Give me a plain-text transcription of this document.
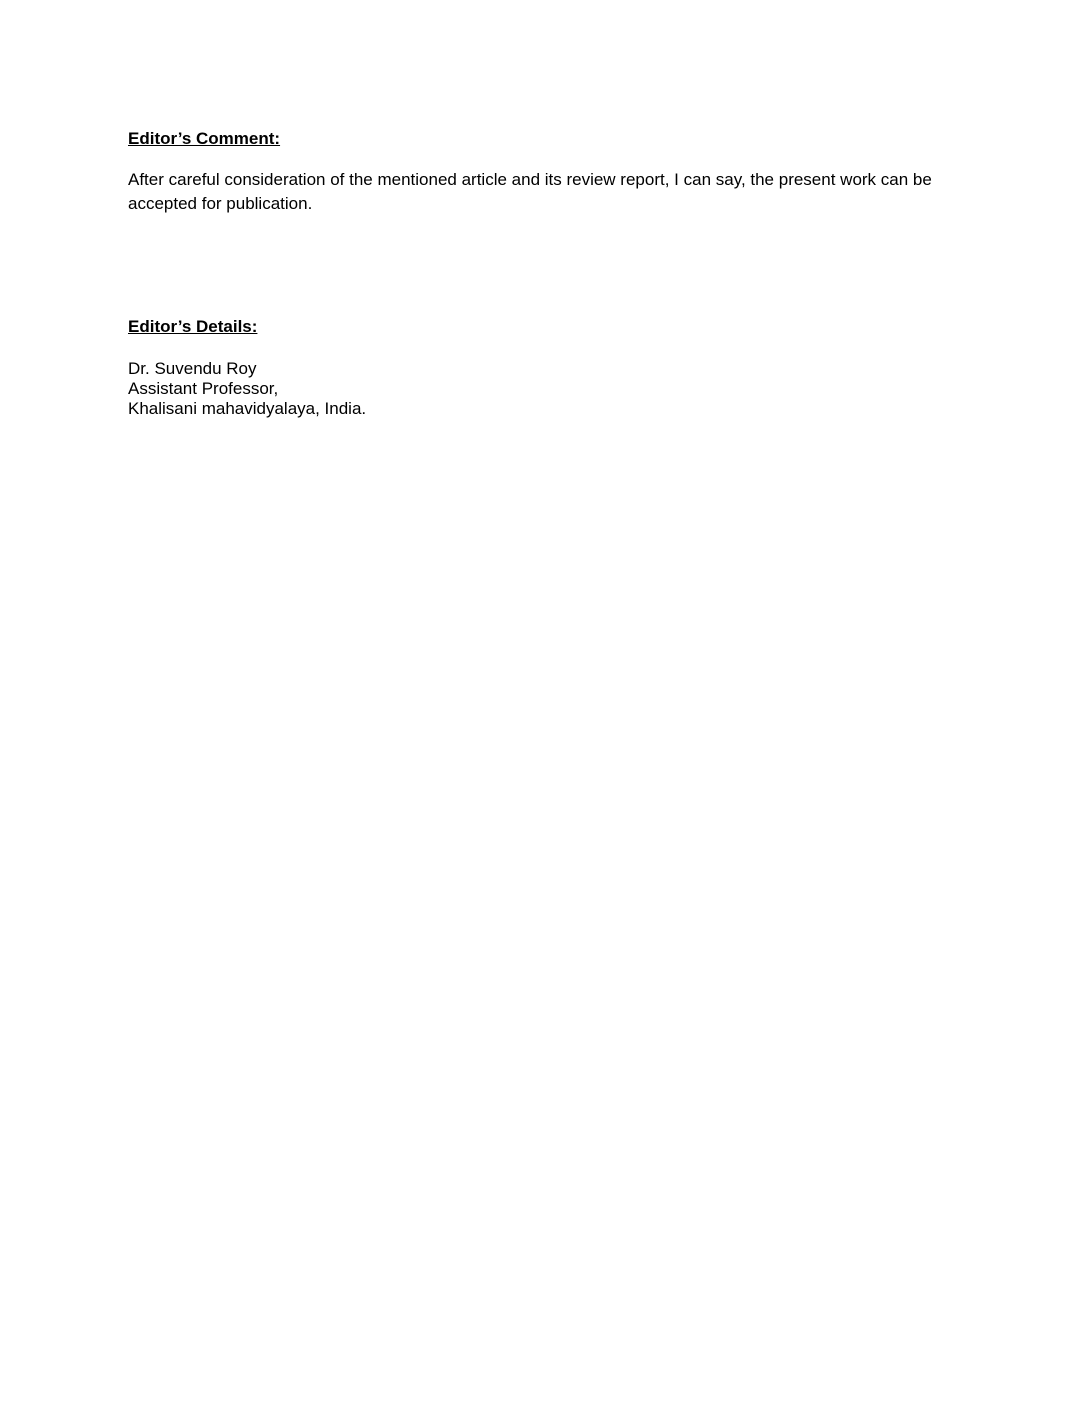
Editor’s Comment:

After careful consideration of the mentioned article and its review report, I can say, the present work can be accepted for publication.

Editor’s Details:
Dr. Suvendu Roy
Assistant Professor,
Khalisani mahavidyalaya, India.
